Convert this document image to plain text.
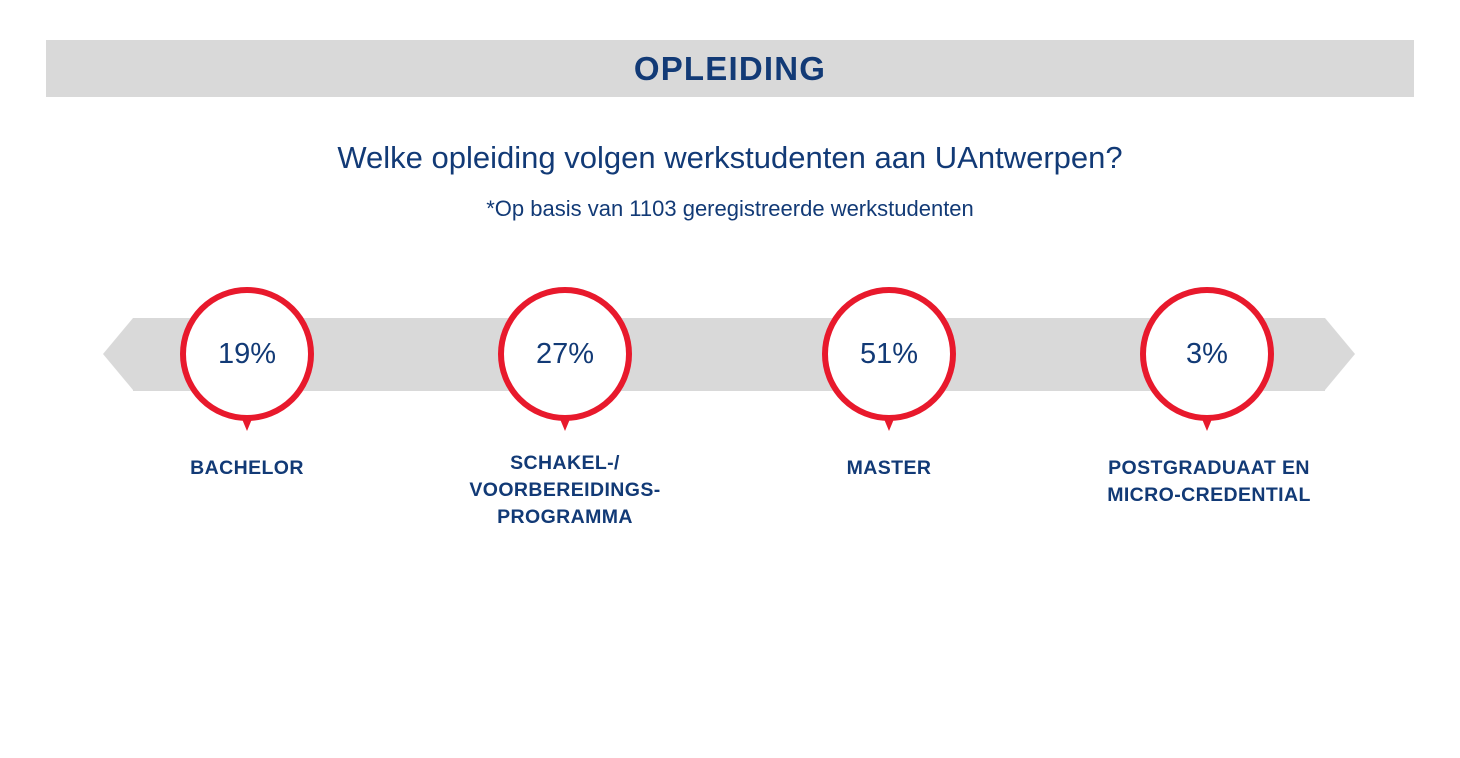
OPLEIDING
Welke opleiding volgen werkstudenten aan UAntwerpen?
*Op basis van 1103 geregistreerde werkstudenten
19%	27%	51%	3%
BACHELOR	SCHAKEL-/
VOORBEREIDINGS-
PROGRAMMA
MASTER	POSTGRADUAAT EN
MICRO-CREDENTIAL
